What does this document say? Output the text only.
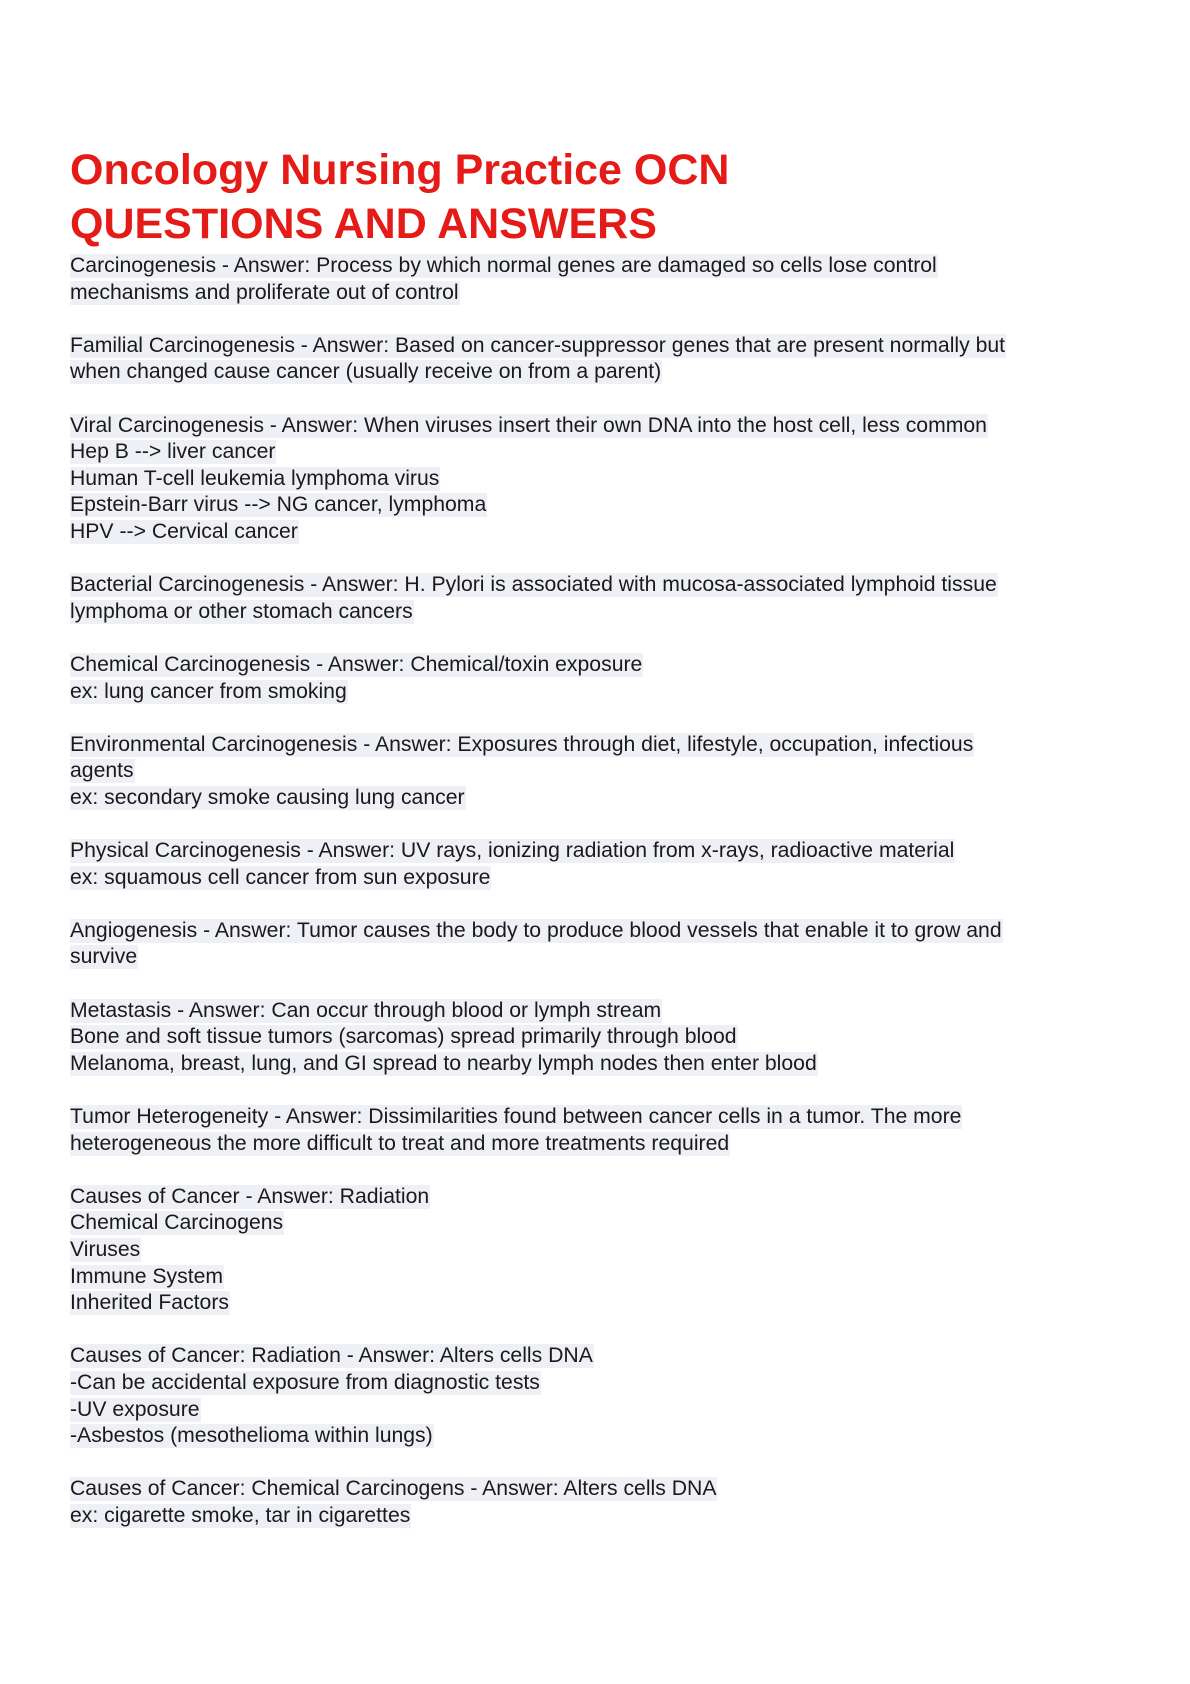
Oncology Nursing Practice OCN
QUESTIONS AND ANSWERS
Carcinogenesis - Answer: Process by which normal genes are damaged so cells lose control
mechanisms and proliferate out of control
Familial Carcinogenesis - Answer: Based on cancer-suppressor genes that are present normally but
when changed cause cancer (usually receive on from a parent)
Viral Carcinogenesis - Answer: When viruses insert their own DNA into the host cell, less common
Hep B --> liver cancer
Human T-cell leukemia lymphoma virus
Epstein-Barr virus --> NG cancer, lymphoma
HPV --> Cervical cancer
Bacterial Carcinogenesis - Answer: H. Pylori is associated with mucosa-associated lymphoid tissue
lymphoma or other stomach cancers
Chemical Carcinogenesis - Answer: Chemical/toxin exposure
ex: lung cancer from smoking
Environmental Carcinogenesis - Answer: Exposures through diet, lifestyle, occupation, infectious
agents
ex: secondary smoke causing lung cancer
Physical Carcinogenesis - Answer: UV rays, ionizing radiation from x-rays, radioactive material
ex: squamous cell cancer from sun exposure
Angiogenesis - Answer: Tumor causes the body to produce blood vessels that enable it to grow and
survive
Metastasis - Answer: Can occur through blood or lymph stream
Bone and soft tissue tumors (sarcomas) spread primarily through blood
Melanoma, breast, lung, and GI spread to nearby lymph nodes then enter blood
Tumor Heterogeneity - Answer: Dissimilarities found between cancer cells in a tumor. The more
heterogeneous the more difficult to treat and more treatments required
Causes of Cancer - Answer: Radiation
Chemical Carcinogens
Viruses
Immune System
Inherited Factors
Causes of Cancer: Radiation - Answer: Alters cells DNA
-Can be accidental exposure from diagnostic tests
-UV exposure
-Asbestos (mesothelioma within lungs)
Causes of Cancer: Chemical Carcinogens - Answer: Alters cells DNA
ex: cigarette smoke, tar in cigarettes
